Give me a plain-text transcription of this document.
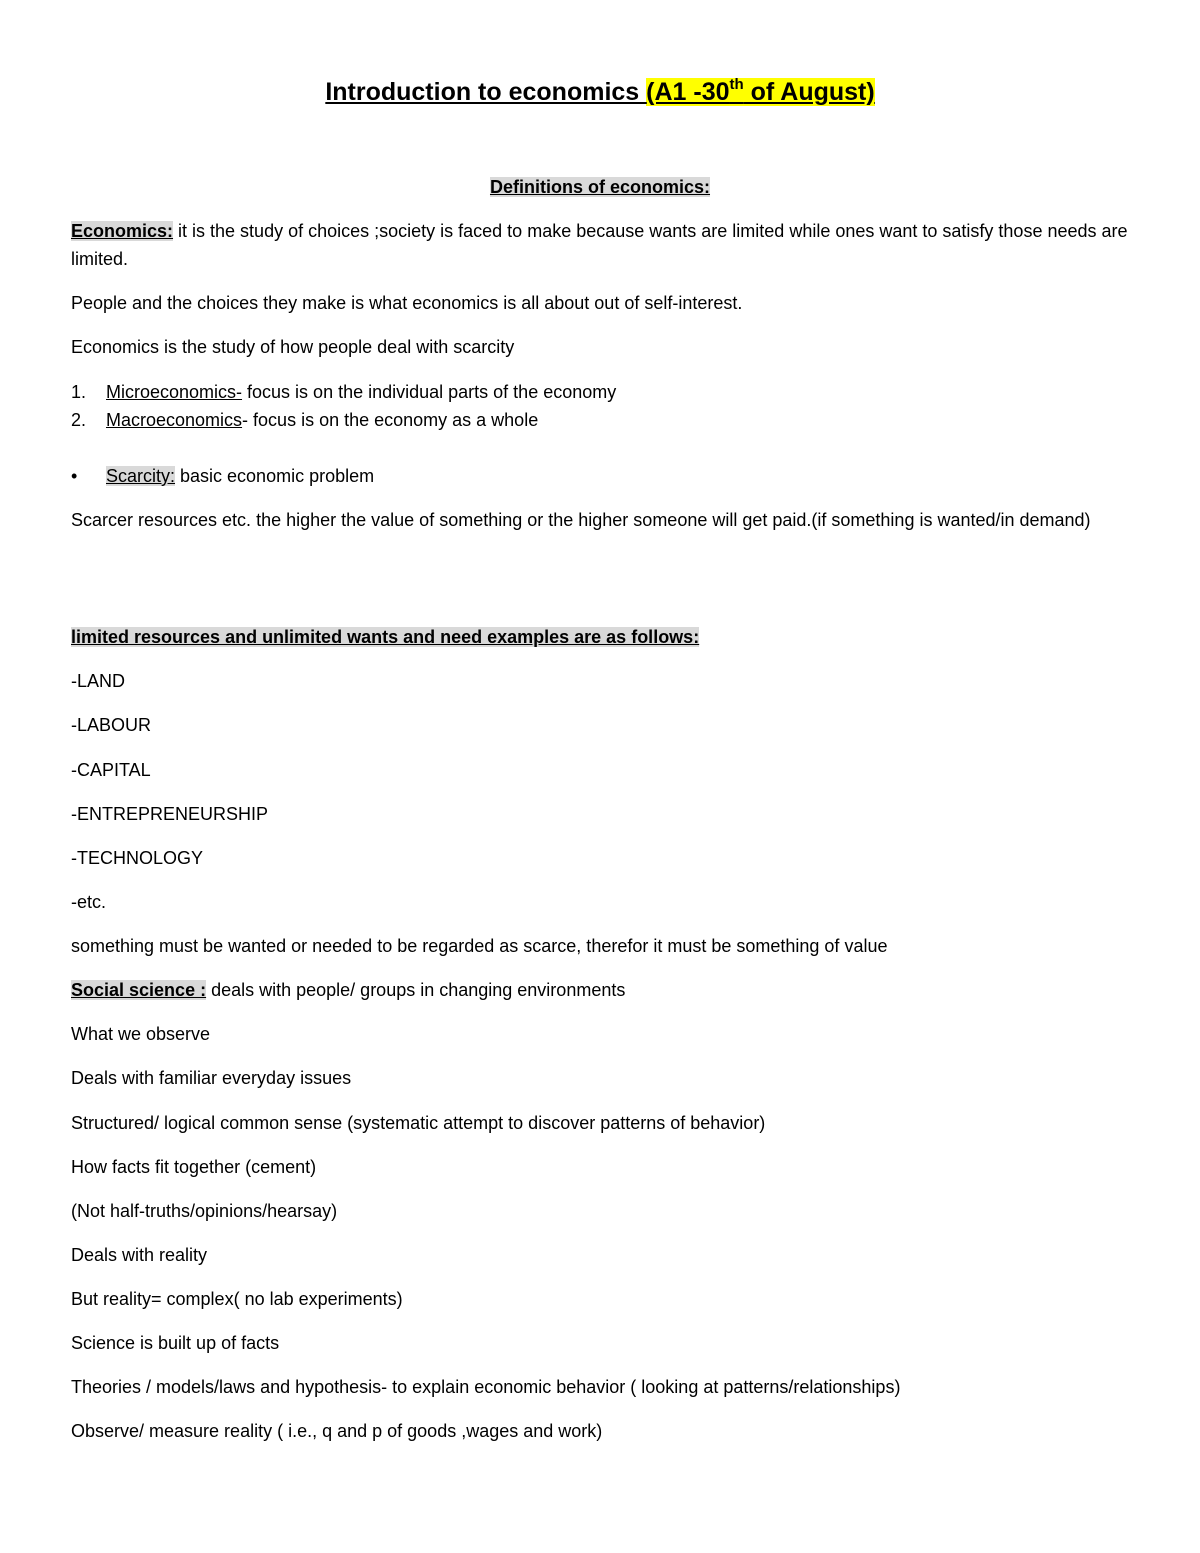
Introduction to economics (A1 -30th of August)
Definitions of economics:
Economics: it is the study of choices ;society is faced to make because wants are limited while ones want to satisfy those needs are limited.
People and the choices they make is what economics is all about out of self-interest.
Economics is the study of how people deal with scarcity
1. Microeconomics- focus is on the individual parts of the economy
2. Macroeconomics- focus is on the economy as a whole
• Scarcity: basic economic problem
Scarcer resources etc. the higher the value of something or the higher someone will get paid.(if something is wanted/in demand)
limited resources and unlimited wants and need examples are as follows:
-LAND
-LABOUR
-CAPITAL
-ENTREPRENEURSHIP
-TECHNOLOGY
-etc.
something must be wanted or needed to be regarded as scarce, therefor it must be something of value
Social science : deals with people/ groups in changing environments
What we observe
Deals with familiar everyday issues
Structured/ logical common sense (systematic attempt to discover patterns of behavior)
How facts fit together (cement)
(Not half-truths/opinions/hearsay)
Deals with reality
But reality= complex( no lab experiments)
Science is built up of facts
Theories / models/laws and hypothesis- to explain economic behavior ( looking at patterns/relationships)
Observe/ measure reality ( i.e., q and p of goods ,wages and work)
